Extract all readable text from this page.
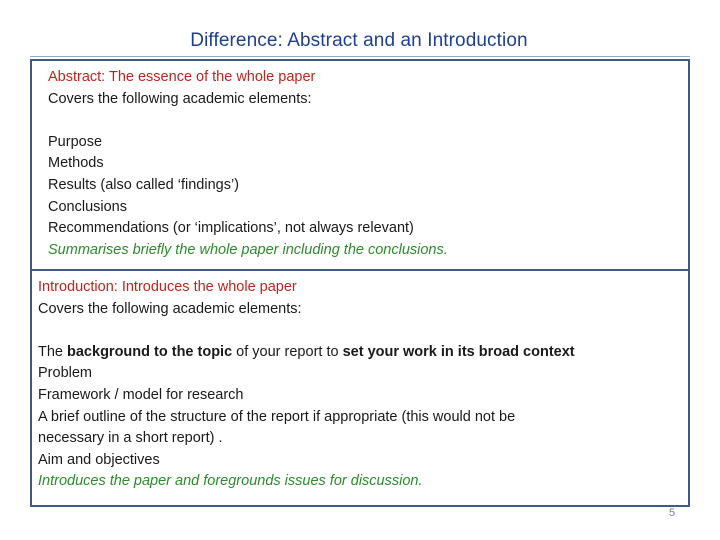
Difference: Abstract and an Introduction
Abstract: The essence of the whole paper
Covers the following academic elements:
Purpose
Methods
Results (also called ‘findings’)
Conclusions
Recommendations (or ‘implications’, not always relevant)
Summarises briefly the whole paper including the conclusions.
Introduction: Introduces the whole paper
Covers the following academic elements:
The background to the topic of your report to set your work in its broad context
Problem
Framework / model for research
A brief outline of the structure of the report if appropriate (this would not be
necessary in a short report) .
Aim and objectives
Introduces the paper and foregrounds issues for discussion.
5
